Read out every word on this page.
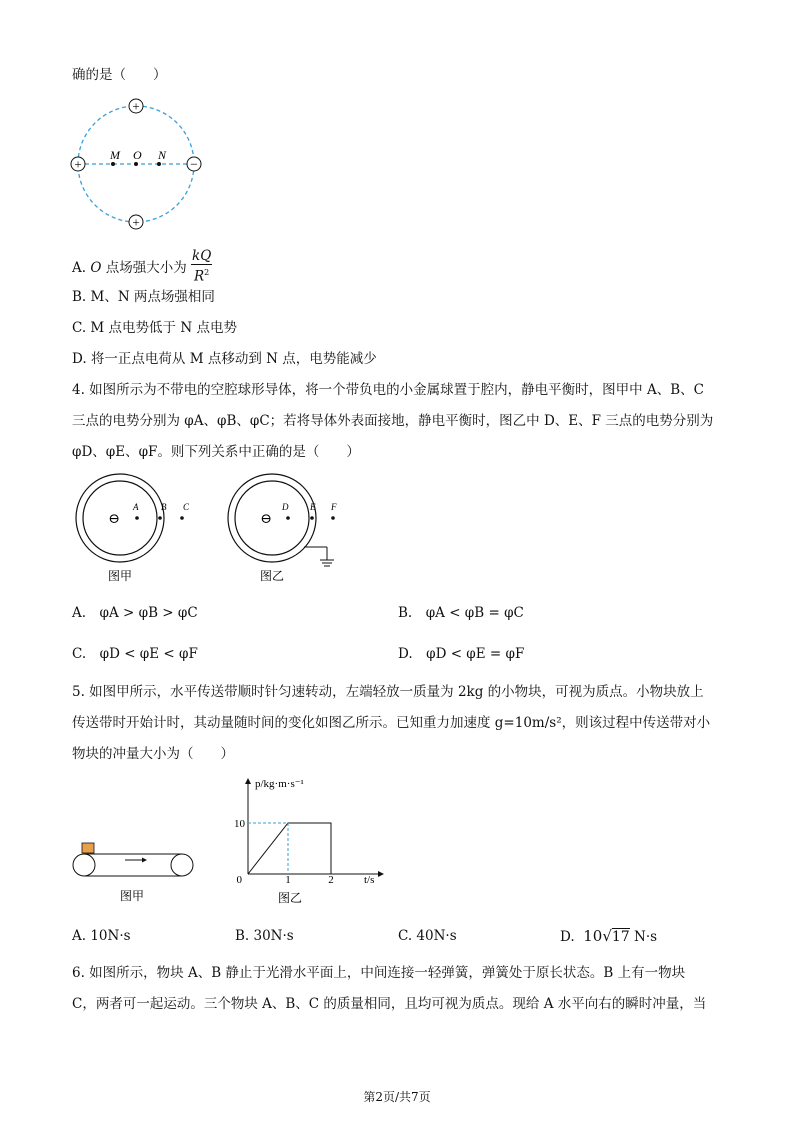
确的是（　　）
+
+	−
+
M O N
A. O 点场强大小为 $\frac{kQ}{R^2}$
B. M、N 两点场强相同
C. M 点电势低于 N 点电势
D. 将一正点电荷从 M 点移动到 N 点，电势能减少
4. 如图所示为不带电的空腔球形导体，将一个带负电的小金属球置于腔内，静电平衡时，图甲中 A、B、C
三点的电势分别为 φA、φB、φC；若将导体外表面接地，静电平衡时，图乙中 D、E、F 三点的电势分别为
φD、φE、φF。则下列关系中正确的是（　　）
⊖
A	B C
图甲
⊖
D E F
图乙
A.　φA > φB > φC	B.　φA < φB = φC
C.　φD < φE < φF	D.　φD < φE = φF
5. 如图甲所示，水平传送带顺时针匀速转动，左端轻放一质量为 2kg 的小物块，可视为质点。小物块放上
传送带时开始计时，其动量随时间的变化如图乙所示。已知重力加速度 g=10m/s²，则该过程中传送带对小
物块的冲量大小为（　　）
图甲
p/kg·m·s⁻¹
t/s
0	1	2
10
图乙
A. 10N·s	B. 30N·s	C. 40N·s	D. 10√17 N·s
6. 如图所示，物块 A、B 静止于光滑水平面上，中间连接一轻弹簧，弹簧处于原长状态。B 上有一物块
C，两者可一起运动。三个物块 A、B、C 的质量相同，且均可视为质点。现给 A 水平向右的瞬时冲量，当
第2页/共7页
